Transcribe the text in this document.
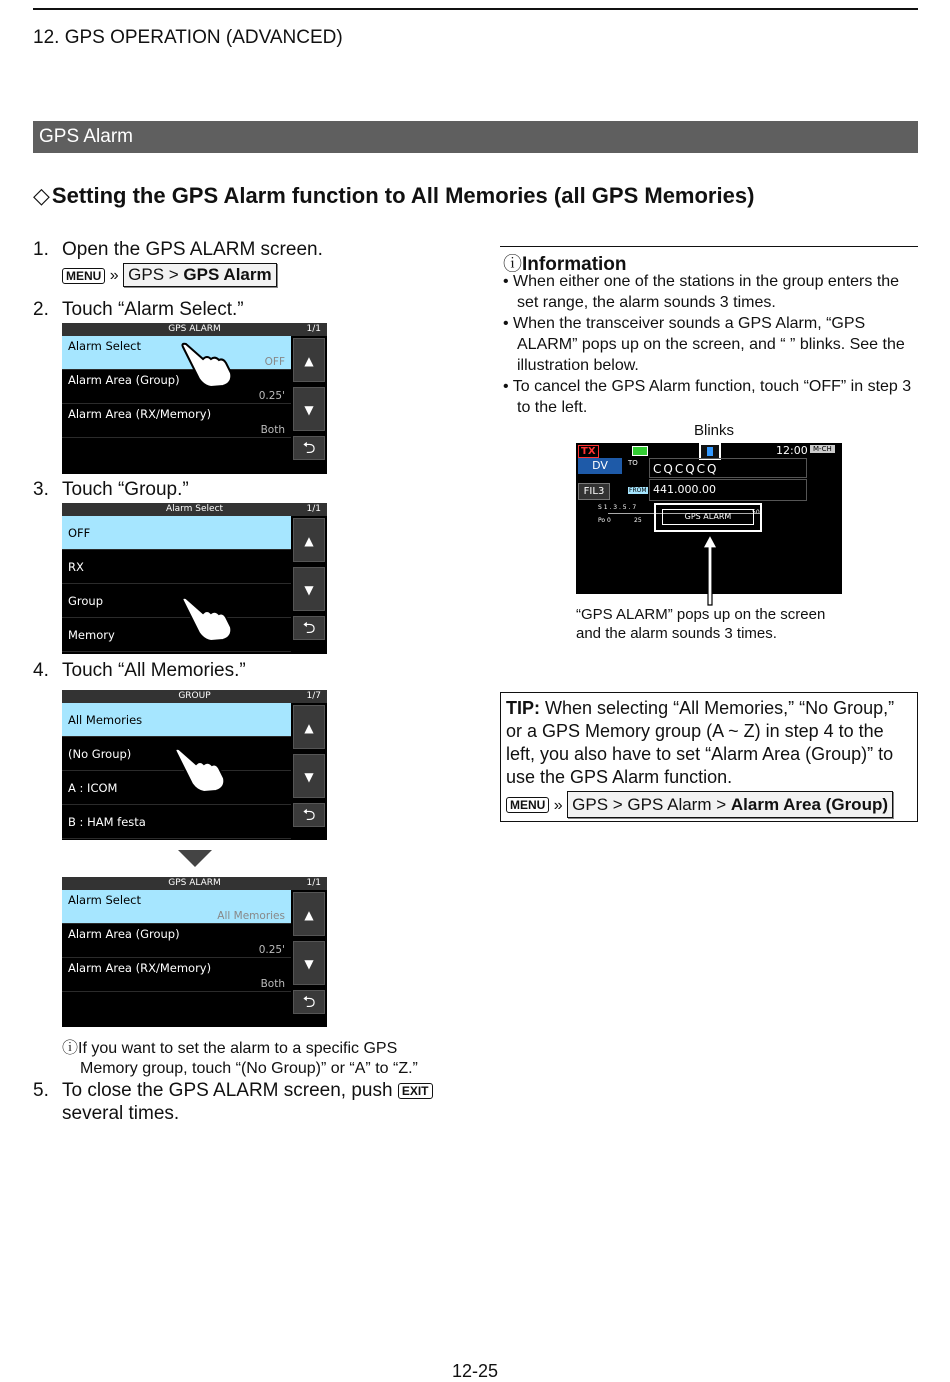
12. GPS OPERATION (ADVANCED)
GPS Alarm
◇Setting the GPS Alarm function to All Memories (all GPS Memories)
1. Open the GPS ALARM screen.
MENU » GPS > GPS Alarm
2. Touch “Alarm Select.”
GPS ALARM	1/1
Alarm Select
OFF
Alarm Area (Group)
0.25'
Alarm Area (RX/Memory)
Both
▲
▼
⮌
3. Touch “Group.”
Alarm Select	1/1
OFF
RX
Group
Memory
▲
▼
⮌
4. Touch “All Memories.”
GROUP	1/7
All Memories
(No Group)
A : ICOM
B : HAM festa
▲
▼
⮌
GPS ALARM	1/1
Alarm Select
All Memories
Alarm Area (Group)
0.25'
Alarm Area (RX/Memory)
Both
▲
▼
⮌
ⓘIf you want to set the alarm to a specific GPS
Memory group, touch “(No Group)” or “A” to “Z.”
5. To close the GPS ALARM screen, push EXIT
several times.
ⓘInformation
• When either one of the stations in the group enters the set range, the alarm sounds 3 times.
• When the transceiver sounds a GPS Alarm, “GPS ALARM” pops up on the screen, and “ ” blinks. See the illustration below.
• To cancel the GPS Alarm function, touch “OFF” in step 3 to the left.
Blinks
TX	12:00 M-CH
DV	TO	CQCQCQ
FIL3	FROM 441.000.00
S 1 . 3 . 5 . 7
Po 0	25	GPS ALARM
“GPS ALARM” pops up on the screen
and the alarm sounds 3 times.
TIP: When selecting “All Memories,” “No Group,” or a GPS Memory group (A ~ Z) in step 4 to the left, you also have to set “Alarm Area (Group)” to use the GPS Alarm function.
MENU » GPS > GPS Alarm > Alarm Area (Group)
12-25
